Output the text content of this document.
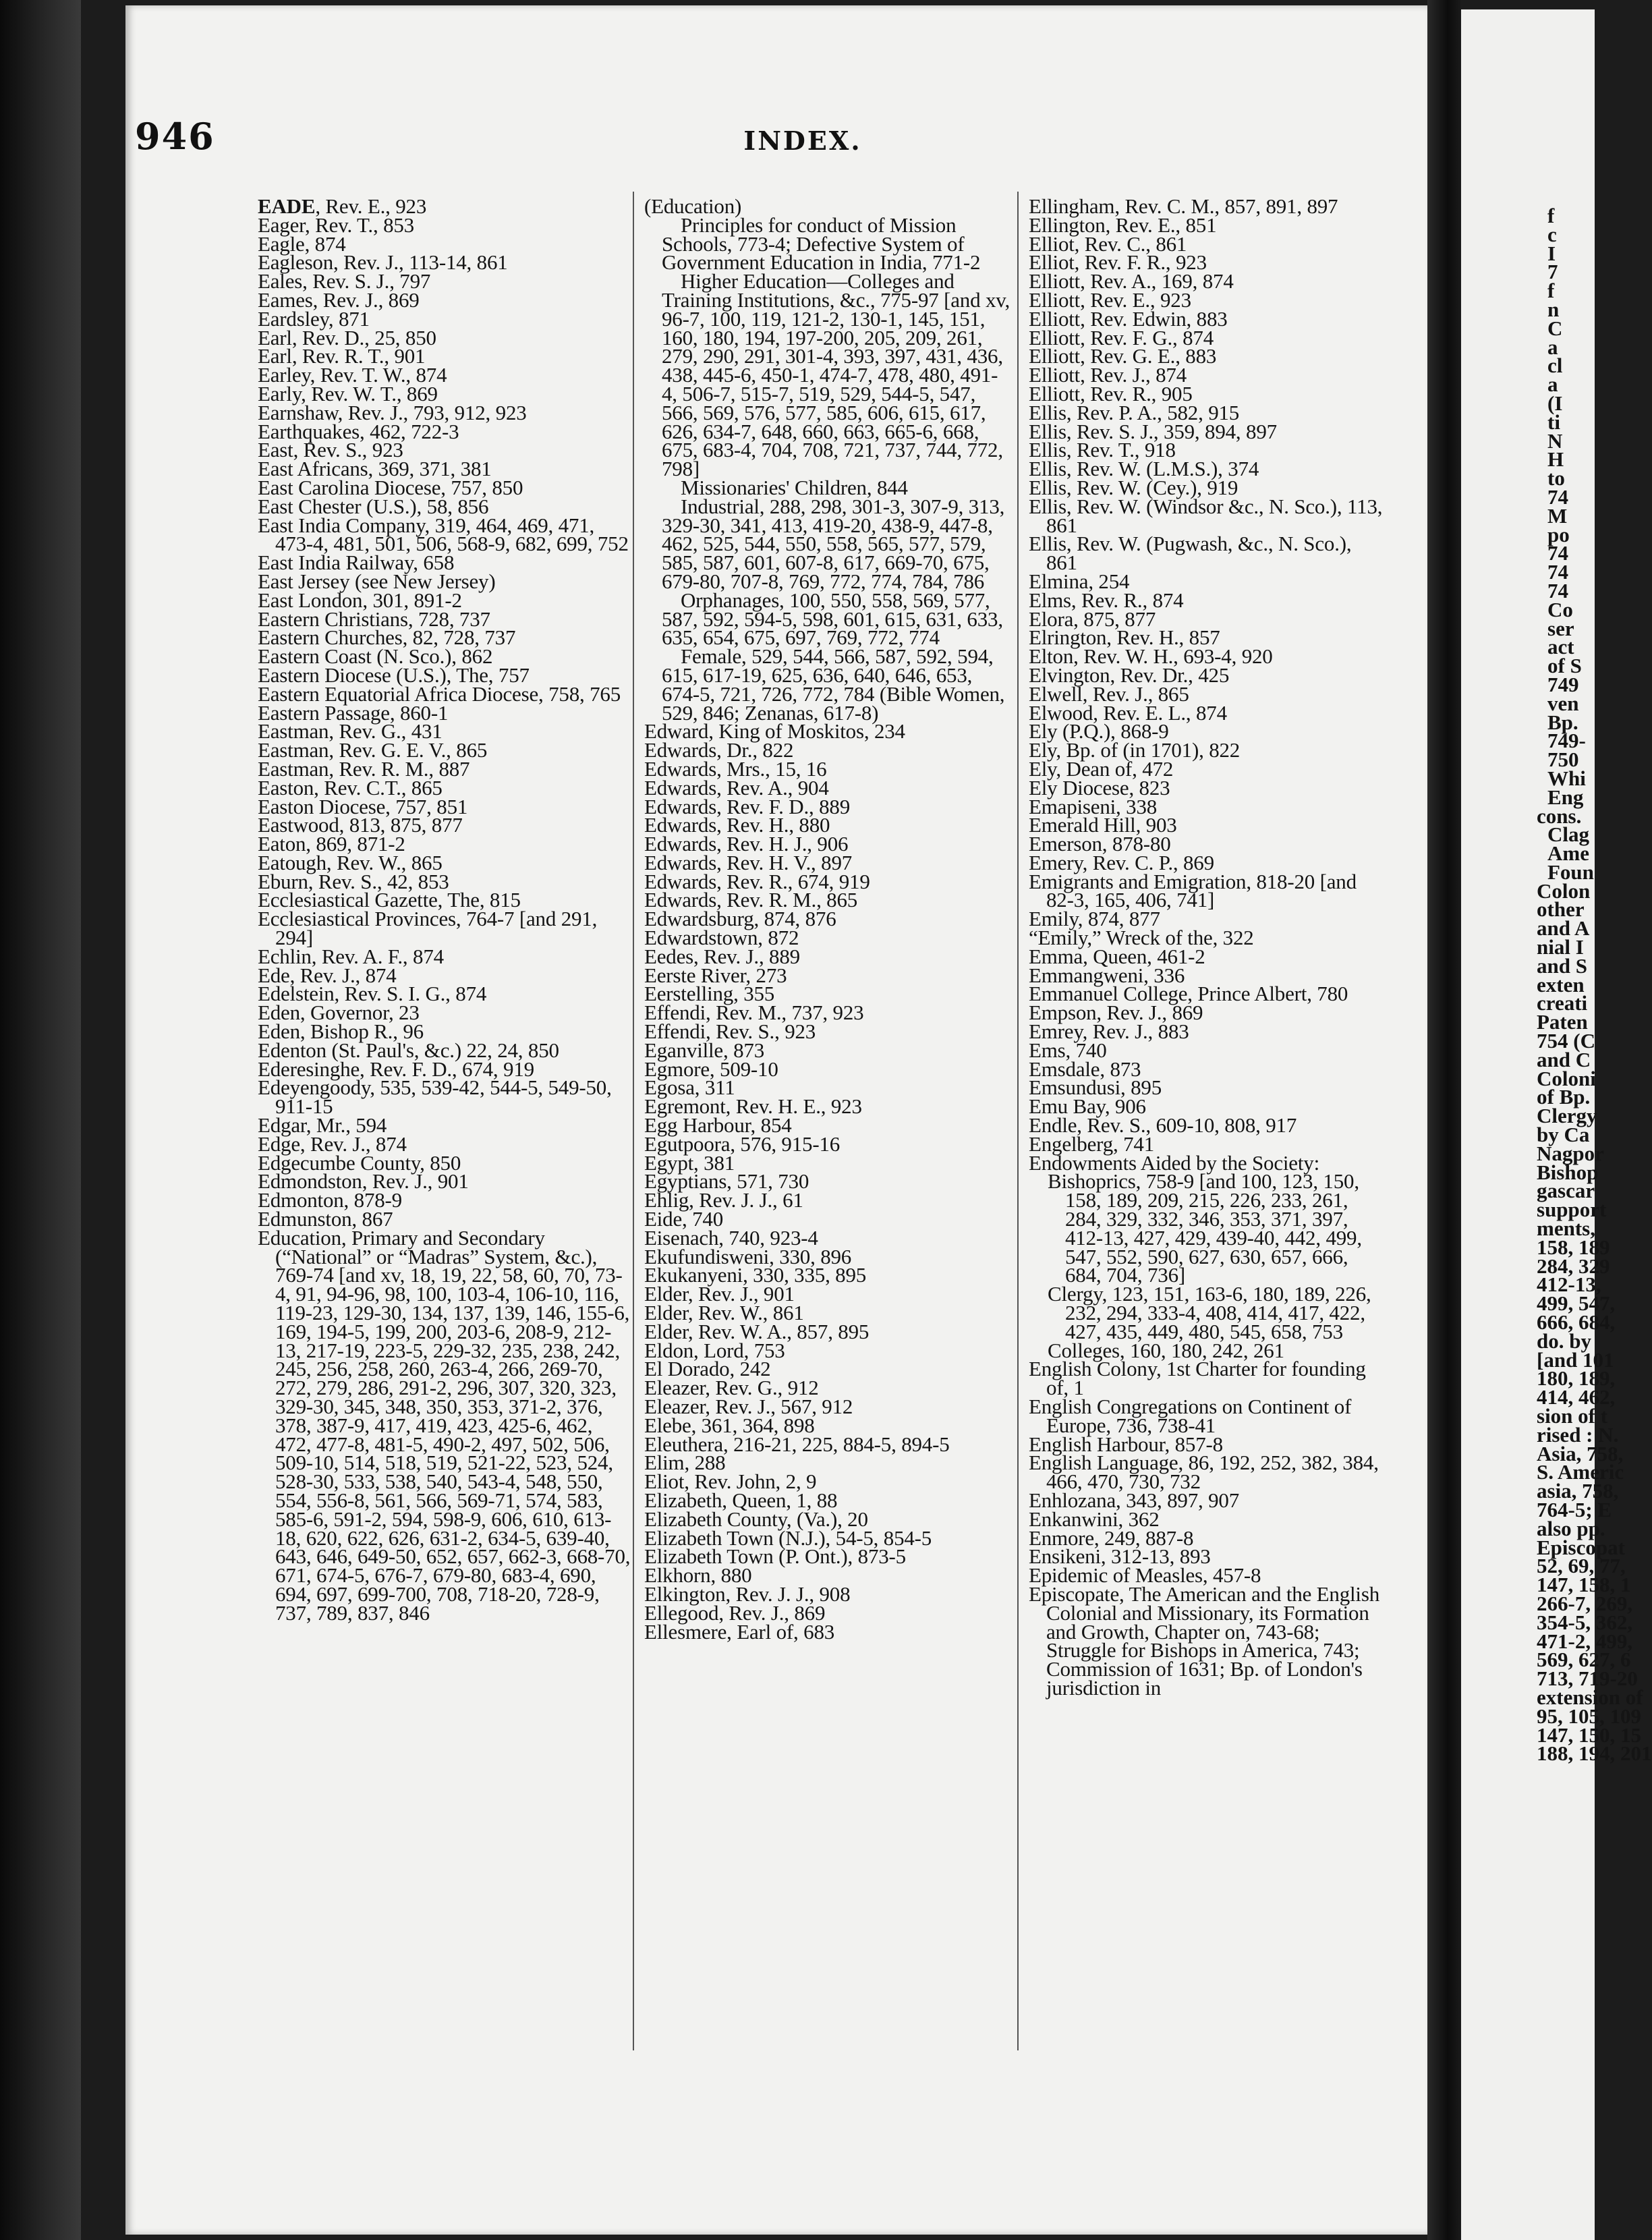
946	INDEX.

EADE, Rev. E., 923

Eager, Rev. T., 853

Eagle, 874

Eagleson, Rev. J., 113-14, 861

Eales, Rev. S. J., 797

Eames, Rev. J., 869

Eardsley, 871

Earl, Rev. D., 25, 850

Earl, Rev. R. T., 901

Earley, Rev. T. W., 874

Early, Rev. W. T., 869

Earnshaw, Rev. J., 793, 912, 923

Earthquakes, 462, 722-3

East, Rev. S., 923

East Africans, 369, 371, 381

East Carolina Diocese, 757, 850

East Chester (U.S.), 58, 856

East India Company, 319, 464, 469, 471, 473-4, 481, 501, 506, 568-9, 682, 699, 752

East India Railway, 658

East Jersey (see New Jersey)

East London, 301, 891-2

Eastern Christians, 728, 737

Eastern Churches, 82, 728, 737

Eastern Coast (N. Sco.), 862

Eastern Diocese (U.S.), The, 757

Eastern Equatorial Africa Diocese, 758, 765

Eastern Passage, 860-1

Eastman, Rev. G., 431

Eastman, Rev. G. E. V., 865

Eastman, Rev. R. M., 887

Easton, Rev. C.T., 865

Easton Diocese, 757, 851

Eastwood, 813, 875, 877

Eaton, 869, 871-2

Eatough, Rev. W., 865

Eburn, Rev. S., 42, 853

Ecclesiastical Gazette, The, 815

Ecclesiastical Provinces, 764-7 [and 291, 294]

Echlin, Rev. A. F., 874

Ede, Rev. J., 874

Edelstein, Rev. S. I. G., 874

Eden, Governor, 23

Eden, Bishop R., 96

Edenton (St. Paul's, &c.) 22, 24, 850

Ederesinghe, Rev. F. D., 674, 919

Edeyengoody, 535, 539-42, 544-5, 549-50, 911-15

Edgar, Mr., 594

Edge, Rev. J., 874

Edgecumbe County, 850

Edmondston, Rev. J., 901

Edmonton, 878-9

Edmunston, 867

Education, Primary and Secondary (“National” or “Madras” System, &c.), 769-74 [and xv, 18, 19, 22, 58, 60, 70, 73-4, 91, 94-96, 98, 100, 103-4, 106-10, 116, 119-23, 129-30, 134, 137, 139, 146, 155-6, 169, 194-5, 199, 200, 203-6, 208-9, 212-13, 217-19, 223-5, 229-32, 235, 238, 242, 245, 256, 258, 260, 263-4, 266, 269-70, 272, 279, 286, 291-2, 296, 307, 320, 323, 329-30, 345, 348, 350, 353, 371-2, 376, 378, 387-9, 417, 419, 423, 425-6, 462, 472, 477-8, 481-5, 490-2, 497, 502, 506, 509-10, 514, 518, 519, 521-22, 523, 524, 528-30, 533, 538, 540, 543-4, 548, 550, 554, 556-8, 561, 566, 569-71, 574, 583, 585-6, 591-2, 594, 598-9, 606, 610, 613-18, 620, 622, 626, 631-2, 634-5, 639-40, 643, 646, 649-50, 652, 657, 662-3, 668-70, 671, 674-5, 676-7, 679-80, 683-4, 690, 694, 697, 699-700, 708, 718-20, 728-9, 737, 789, 837, 846

(Education)

Principles for conduct of Mission Schools, 773-4; Defective System of Government Education in India, 771-2

Higher Education—Colleges and Training Institutions, &c., 775-97 [and xv, 96-7, 100, 119, 121-2, 130-1, 145, 151, 160, 180, 194, 197-200, 205, 209, 261, 279, 290, 291, 301-4, 393, 397, 431, 436, 438, 445-6, 450-1, 474-7, 478, 480, 491-4, 506-7, 515-7, 519, 529, 544-5, 547, 566, 569, 576, 577, 585, 606, 615, 617, 626, 634-7, 648, 660, 663, 665-6, 668, 675, 683-4, 704, 708, 721, 737, 744, 772, 798]

Missionaries' Children, 844

Industrial, 288, 298, 301-3, 307-9, 313, 329-30, 341, 413, 419-20, 438-9, 447-8, 462, 525, 544, 550, 558, 565, 577, 579, 585, 587, 601, 607-8, 617, 669-70, 675, 679-80, 707-8, 769, 772, 774, 784, 786

Orphanages, 100, 550, 558, 569, 577, 587, 592, 594-5, 598, 601, 615, 631, 633, 635, 654, 675, 697, 769, 772, 774

Female, 529, 544, 566, 587, 592, 594, 615, 617-19, 625, 636, 640, 646, 653, 674-5, 721, 726, 772, 784 (Bible Women, 529, 846; Zenanas, 617-8)

Edward, King of Moskitos, 234

Edwards, Dr., 822

Edwards, Mrs., 15, 16

Edwards, Rev. A., 904

Edwards, Rev. F. D., 889

Edwards, Rev. H., 880

Edwards, Rev. H. J., 906

Edwards, Rev. H. V., 897

Edwards, Rev. R., 674, 919

Edwards, Rev. R. M., 865

Edwardsburg, 874, 876

Edwardstown, 872

Eedes, Rev. J., 889

Eerste River, 273

Eerstelling, 355

Effendi, Rev. M., 737, 923

Effendi, Rev. S., 923

Eganville, 873

Egmore, 509-10

Egosa, 311

Egremont, Rev. H. E., 923

Egg Harbour, 854

Egutpoora, 576, 915-16

Egypt, 381

Egyptians, 571, 730

Ehlig, Rev. J. J., 61

Eide, 740

Eisenach, 740, 923-4

Ekufundisweni, 330, 896

Ekukanyeni, 330, 335, 895

Elder, Rev. J., 901

Elder, Rev. W., 861

Elder, Rev. W. A., 857, 895

Eldon, Lord, 753

El Dorado, 242

Eleazer, Rev. G., 912

Eleazer, Rev. J., 567, 912

Elebe, 361, 364, 898

Eleuthera, 216-21, 225, 884-5, 894-5

Elim, 288

Eliot, Rev. John, 2, 9

Elizabeth, Queen, 1, 88

Elizabeth County, (Va.), 20

Elizabeth Town (N.J.), 54-5, 854-5

Elizabeth Town (P. Ont.), 873-5

Elkhorn, 880

Elkington, Rev. J. J., 908

Ellegood, Rev. J., 869

Ellesmere, Earl of, 683

Ellingham, Rev. C. M., 857, 891, 897

Ellington, Rev. E., 851

Elliot, Rev. C., 861

Elliot, Rev. F. R., 923

Elliott, Rev. A., 169, 874

Elliott, Rev. E., 923

Elliott, Rev. Edwin, 883

Elliott, Rev. F. G., 874

Elliott, Rev. G. E., 883

Elliott, Rev. J., 874

Elliott, Rev. R., 905

Ellis, Rev. P. A., 582, 915

Ellis, Rev. S. J., 359, 894, 897

Ellis, Rev. T., 918

Ellis, Rev. W. (L.M.S.), 374

Ellis, Rev. W. (Cey.), 919

Ellis, Rev. W. (Windsor &c., N. Sco.), 113, 861

Ellis, Rev. W. (Pugwash, &c., N. Sco.), 861

Elmina, 254

Elms, Rev. R., 874

Elora, 875, 877

Elrington, Rev. H., 857

Elton, Rev. W. H., 693-4, 920

Elvington, Rev. Dr., 425

Elwell, Rev. J., 865

Elwood, Rev. E. L., 874

Ely (P.Q.), 868-9

Ely, Bp. of (in 1701), 822

Ely, Dean of, 472

Ely Diocese, 823

Emapiseni, 338

Emerald Hill, 903

Emerson, 878-80

Emery, Rev. C. P., 869

Emigrants and Emigration, 818-20 [and 82-3, 165, 406, 741]

Emily, 874, 877

“Emily,” Wreck of the, 322

Emma, Queen, 461-2

Emmangweni, 336

Emmanuel College, Prince Albert, 780

Empson, Rev. J., 869

Emrey, Rev. J., 883

Ems, 740

Emsdale, 873

Emsundusi, 895

Emu Bay, 906

Endle, Rev. S., 609-10, 808, 917

Engelberg, 741

Endowments Aided by the Society:

Bishoprics, 758-9 [and 100, 123, 150, 158, 189, 209, 215, 226, 233, 261, 284, 329, 332, 346, 353, 371, 397, 412-13, 427, 429, 439-40, 442, 499, 547, 552, 590, 627, 630, 657, 666, 684, 704, 736]

Clergy, 123, 151, 163-6, 180, 189, 226, 232, 294, 333-4, 408, 414, 417, 422, 427, 435, 449, 480, 545, 658, 753

Colleges, 160, 180, 242, 261

English Colony, 1st Charter for founding of, 1

English Congregations on Continent of Europe, 736, 738-41

English Harbour, 857-8

English Language, 86, 192, 252, 382, 384, 466, 470, 730, 732

Enhlozana, 343, 897, 907

Enkanwini, 362

Enmore, 249, 887-8

Ensikeni, 312-13, 893

Epidemic of Measles, 457-8

Episcopate, The American and the English Colonial and Missionary, its Formation and Growth, Chapter on, 743-68; Struggle for Bishops in America, 743; Commission of 1631; Bp. of London's jurisdiction in

f
c
I
7
f
n
C
a
cl
a
(I
ti
N
H
to
74
M
po
74
74
74
Co
ser
act
of S
749
ven
Bp.
749-
750
Whi
Eng
cons.
Clag
Ame
Foun
Colon
other
and A
nial I
and S
exten
creati
Paten
754 (C
and C
Coloni
of Bp.
Clergy
by Ca
Nagpor
Bishop
gascar
support
ments,
158, 189
284, 329
412-13,
499, 547,
666, 684,
do. by
[and 101
180, 189,
414, 462,
sion of t
rised : N.
Asia, 758,
S. Americ
asia, 758,
764-5; E
also pp.
Episcopat
52, 69, 77,
147, 158, 1
266-7, 269,
354-5, 362,
471-2, 499,
569, 627, 6
713, 719-20
extension of
95, 105, 109
147, 150, 15
188, 194, 201
